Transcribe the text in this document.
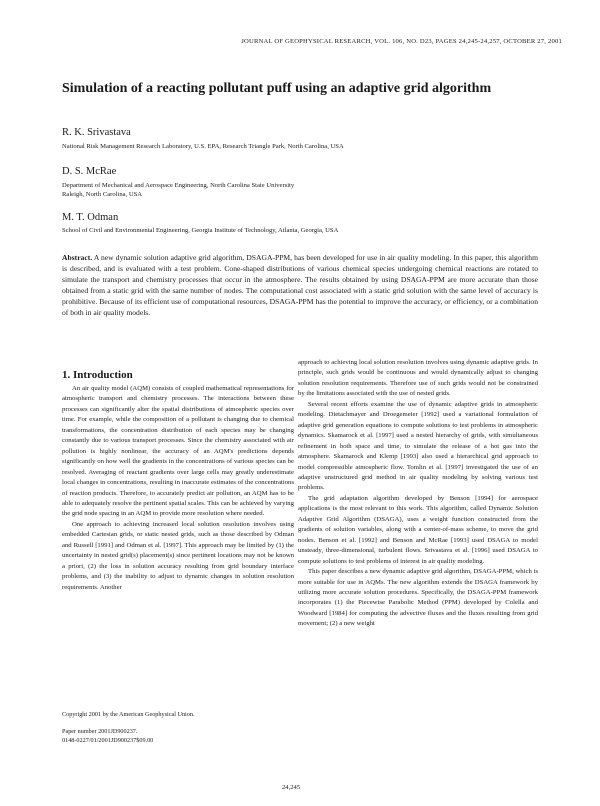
JOURNAL OF GEOPHYSICAL RESEARCH, VOL. 106, NO. D23, PAGES 24,245-24,257, OCTOBER 27, 2001
Simulation of a reacting pollutant puff using an adaptive grid algorithm
R. K. Srivastava
National Risk Management Research Laboratory, U.S. EPA, Research Triangle Park, North Carolina, USA
D. S. McRae
Department of Mechanical and Aerospace Engineering, North Carolina State University
Raleigh, North Carolina, USA
M. T. Odman
School of Civil and Environmental Engineering, Georgia Institute of Technology, Atlanta, Georgia, USA
Abstract. A new dynamic solution adaptive grid algorithm, DSAGA-PPM, has been developed for use in air quality modeling. In this paper, this algorithm is described, and is evaluated with a test problem. Cone-shaped distributions of various chemical species undergoing chemical reactions are rotated to simulate the transport and chemistry processes that occur in the atmosphere. The results obtained by using DSAGA-PPM are more accurate than those obtained from a static grid with the same number of nodes. The computational cost associated with a static grid solution with the same level of accuracy is prohibitive. Because of its efficient use of computational resources, DSAGA-PPM has the potential to improve the accuracy, or efficiency, or a combination of both in air quality models.
1. Introduction

An air quality model (AQM) consists of coupled mathematical representations for atmospheric transport and chemistry processes. The interactions between these processes can significantly alter the spatial distributions of atmospheric species over time. For example, while the composition of a pollutant is changing due to chemical transformations, the concentration distribution of each species may be changing constantly due to various transport processes. Since the chemistry associated with air pollution is highly nonlinear, the accuracy of an AQM's predictions depends significantly on how well the gradients in the concentrations of various species can be resolved. Averaging of reactant gradients over large cells may greatly underestimate local changes in concentrations, resulting in inaccurate estimates of the concentrations of reaction products. Therefore, to accurately predict air pollution, an AQM has to be able to adequately resolve the pertinent spatial scales. This can be achieved by varying the grid node spacing in an AQM to provide more resolution where needed.

One approach to achieving increased local solution resolution involves using embedded Cartesian grids, or static nested grids, such as those described by Odman and Russell [1991] and Odman et al. [1997]. This approach may be limited by (1) the uncertainty in nested grid(s) placement(s) since pertinent locations may not be known a priori, (2) the loss in solution accuracy resulting from grid boundary interface problems, and (3) the inability to adjust to dynamic changes in solution resolution requirements. Another

approach to achieving local solution resolution involves using dynamic adaptive grids. In principle, such grids would be continuous and would dynamically adjust to changing solution resolution requirements. Therefore use of such grids would not be constrained by the limitations associated with the use of nested grids.

Several recent efforts examine the use of dynamic adaptive grids in atmospheric modeling. Dietachmayer and Droegemeier [1992] used a variational formulation of adaptive grid generation equations to compute solutions to test problems in atmospheric dynamics. Skamarock et al. [1997] used a nested hierarchy of grids, with simultaneous refinement in both space and time, to simulate the release of a hot gas into the atmosphere. Skamarock and Klemp [1993] also used a hierarchical grid approach to model compressible atmospheric flow. Tomlin et al. [1997] investigated the use of an adaptive unstructured grid method in air quality modeling by solving various test problems.

The grid adaptation algorithm developed by Benson [1994] for aerospace applications is the most relevant to this work. This algorithm, called Dynamic Solution Adaptive Grid Algorithm (DSAGA), uses a weight function constructed from the gradients of solution variables, along with a center-of-mass scheme, to move the grid nodes. Benson et al. [1992] and Benson and McRae [1993] used DSAGA to model unsteady, three-dimensional, turbulent flows. Srivastava et al. [1996] used DSAGA to compute solutions to test problems of interest in air quality modeling.

This paper describes a new dynamic adaptive grid algorithm, DSAGA-PPM, which is more suitable for use in AQMs. The new algorithm extends the DSAGA framework by utilizing more accurate solution procedures. Specifically, the DSAGA-PPM framework incorporates (1) the Piecewise Parabolic Method (PPM) developed by Colella and Woodward [1984] for computing the advective fluxes and the fluxes resulting from grid movement; (2) a new weight

Copyright 2001 by the American Geophysical Union.
Paper number 2001JD900237.
0148-0227/01/2001JD900237$09.00
24,245
